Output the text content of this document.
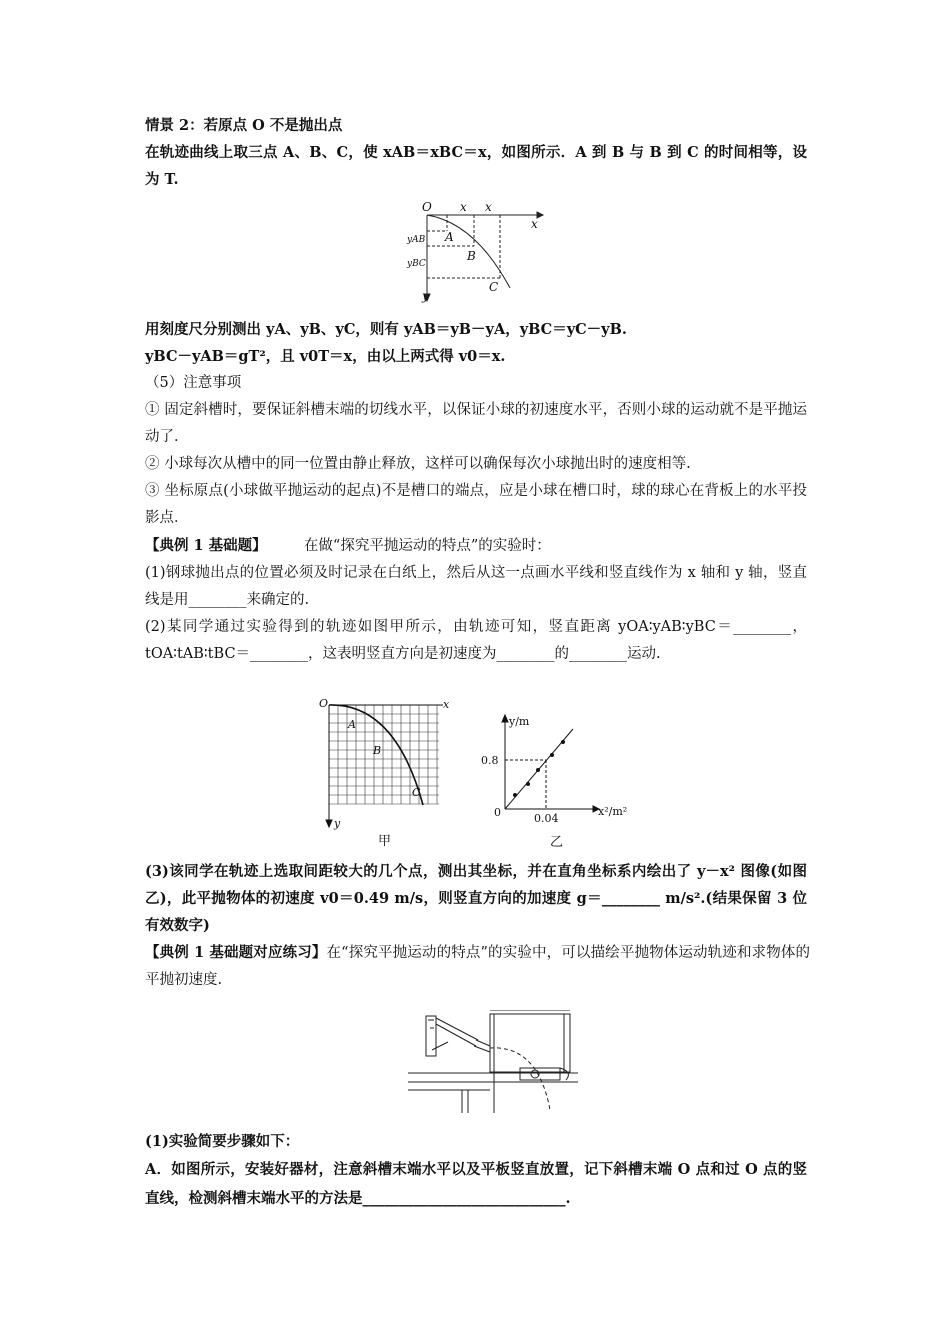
情景 2：若原点 O 不是抛出点
在轨迹曲线上取三点 A、B、C，使 xAB＝xBC＝x，如图所示．A 到 B 与 B 到 C 的时间相等，设为 T.
O x x
x
y
A
B
C
yAB
yBC
用刻度尺分别测出 yA、yB、yC，则有 yAB＝yB－yA，yBC＝yC－yB.
yBC－yAB＝gT²，且 v0T＝x，由以上两式得 v0＝x.
（5）注意事项
① 固定斜槽时，要保证斜槽末端的切线水平，以保证小球的初速度水平，否则小球的运动就不是平抛运动了．
② 小球每次从槽中的同一位置由静止释放，这样可以确保每次小球抛出时的速度相等.
③ 坐标原点(小球做平抛运动的起点)不是槽口的端点，应是小球在槽口时，球的球心在背板上的水平投影点．
【典例 1 基础题】	在做“探究平抛运动的特点”的实验时：
(1)钢球抛出点的位置必须及时记录在白纸上，然后从这一点画水平线和竖直线作为 x 轴和 y 轴，竖直线是用________来确定的.
(2)某同学通过实验得到的轨迹如图甲所示，由轨迹可知，竖直距离 yOA∶yAB∶yBC＝________，tOA∶tAB∶tBC＝________，这表明竖直方向是初速度为________的________运动.
O	x
y
A
B
C
甲
y/m
x²/m²
0.8
0.04
0
乙
(3)该同学在轨迹上选取间距较大的几个点，测出其坐标，并在直角坐标系内绘出了 y－x² 图像(如图乙)，此平抛物体的初速度 v0＝0.49 m/s，则竖直方向的加速度 g＝________ m/s².(结果保留 3 位有效数字)
【典例 1 基础题对应练习】在“探究平抛运动的特点”的实验中，可以描绘平抛物体运动轨迹和求物体的平抛初速度.
(1)实验简要步骤如下：
A．如图所示，安装好器材，注意斜槽末端水平以及平板竖直放置，记下斜槽末端 O 点和过 O 点的竖直线，检测斜槽末端水平的方法是____________________________.
